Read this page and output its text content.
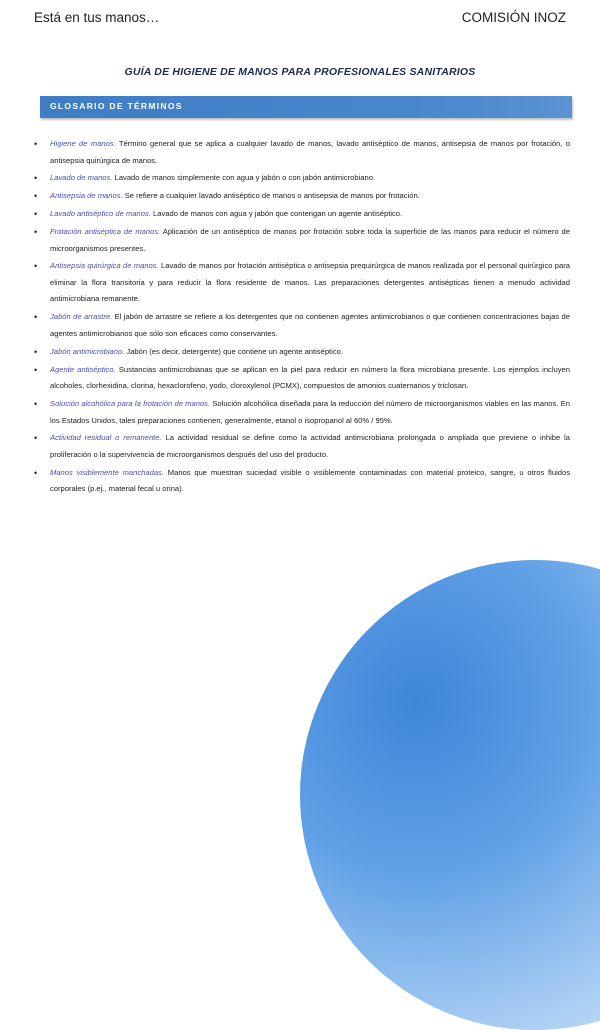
Está en tus manos…	COMISIÓN INOZ
GUÍA DE HIGIENE DE MANOS PARA PROFESIONALES SANITARIOS
GLOSARIO DE TÉRMINOS
• Higiene de manos. Término general que se aplica a cualquier lavado de manos, lavado antiséptico de manos, antisepsia de manos por frotación, o antisepsia quirúrgica de manos.
• Lavado de manos. Lavado de manos simplemente con agua y jabón o con jabón antimicrobiano.
• Antisepsia de manos. Se refiere a cualquier lavado antiséptico de manos o antisepsia de manos por frotación.
• Lavado antiséptico de manos. Lavado de manos con agua y jabón que contengan un agente antiséptico.
• Frotación antiséptica de manos. Aplicación de un antiséptico de manos por frotación sobre toda la superficie de las manos para reducir el número de microorganismos presentes.
• Antisepsia quirúrgica de manos. Lavado de manos por frotación antiséptica o antisepsia prequirúrgica de manos realizada por el personal quirúrgico para eliminar la flora transitoria y para reducir la flora residente de manos. Las preparaciones detergentes antisépticas tienen a menudo actividad antimicrobiana remanente.
• Jabón de arrastre. El jabón de arrastre se refiere a los detergentes que no contienen agentes antimicrobianos o que contienen concentraciones bajas de agentes antimicrobianos que sólo son eficaces como conservantes.
• Jabón antimicrobiano. Jabón (es decir, detergente) que contiene un agente antiséptico.
• Agente antiséptico. Sustancias antimicrobianas que se aplican en la piel para reducir en número la flora microbiana presente. Los ejemplos incluyen alcoholes, clorhexidina, clorina, hexaclorofeno, yodo, cloroxylenol (PCMX), compuestos de amonios cuaternarios y triclosan.
• Solución alcohólica para la frotación de manos. Solución alcohólica diseñada para la reducción del número de microorganismos viables en las manos. En los Estados Unidos, tales preparaciones contienen, generalmente, etanol o isopropanol al 60% / 95%.
• Actividad residual o remanente. La actividad residual se define como la actividad antimicrobiana prolongada o ampliada que previene o inhibe la proliferación o la supervivencia de microorganismos después del uso del producto.
• Manos visiblemente manchadas. Manos que muestran suciedad visible o visiblemente contaminadas con material proteico, sangre, u otros fluidos corporales (p.ej., material fecal u orina).
